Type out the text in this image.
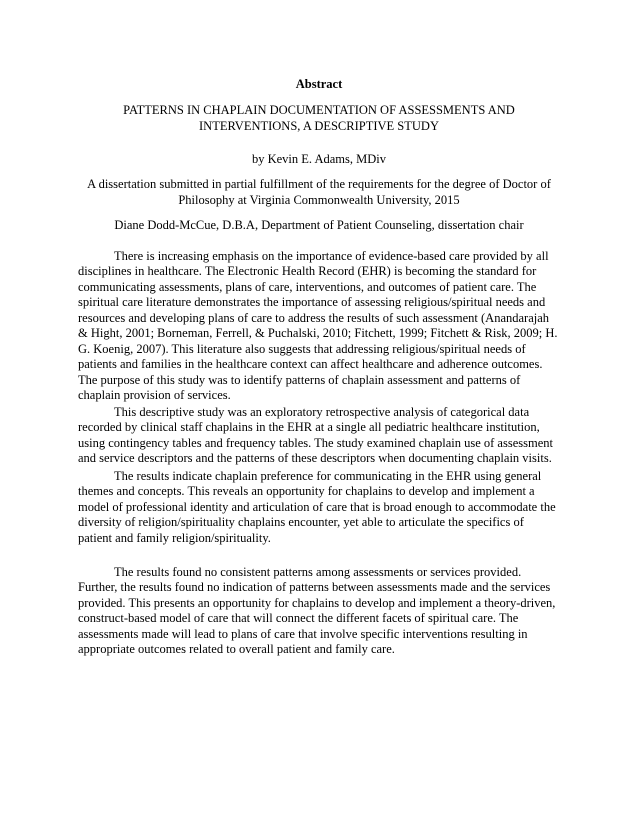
Abstract

PATTERNS IN CHAPLAIN DOCUMENTATION OF ASSESSMENTS AND
INTERVENTIONS, A DESCRIPTIVE STUDY

by Kevin E. Adams, MDiv

A dissertation submitted in partial fulfillment of the requirements for the degree of Doctor of
Philosophy at Virginia Commonwealth University, 2015

Diane Dodd-McCue, D.B.A, Department of Patient Counseling, dissertation chair

There is increasing emphasis on the importance of evidence-based care provided by all disciplines in healthcare. The Electronic Health Record (EHR) is becoming the standard for communicating assessments, plans of care, interventions, and outcomes of patient care. The spiritual care literature demonstrates the importance of assessing religious/spiritual needs and resources and developing plans of care to address the results of such assessment (Anandarajah & Hight, 2001; Borneman, Ferrell, & Puchalski, 2010; Fitchett, 1999; Fitchett & Risk, 2009; H. G. Koenig, 2007). This literature also suggests that addressing religious/spiritual needs of patients and families in the healthcare context can affect healthcare and adherence outcomes. The purpose of this study was to identify patterns of chaplain assessment and patterns of chaplain provision of services.

This descriptive study was an exploratory retrospective analysis of categorical data recorded by clinical staff chaplains in the EHR at a single all pediatric healthcare institution, using contingency tables and frequency tables. The study examined chaplain use of assessment and service descriptors and the patterns of these descriptors when documenting chaplain visits.

The results indicate chaplain preference for communicating in the EHR using general themes and concepts. This reveals an opportunity for chaplains to develop and implement a model of professional identity and articulation of care that is broad enough to accommodate the diversity of religion/spirituality chaplains encounter, yet able to articulate the specifics of patient and family religion/spirituality.

The results found no consistent patterns among assessments or services provided. Further, the results found no indication of patterns between assessments made and the services provided. This presents an opportunity for chaplains to develop and implement a theory-driven, construct-based model of care that will connect the different facets of spiritual care. The assessments made will lead to plans of care that involve specific interventions resulting in appropriate outcomes related to overall patient and family care.
